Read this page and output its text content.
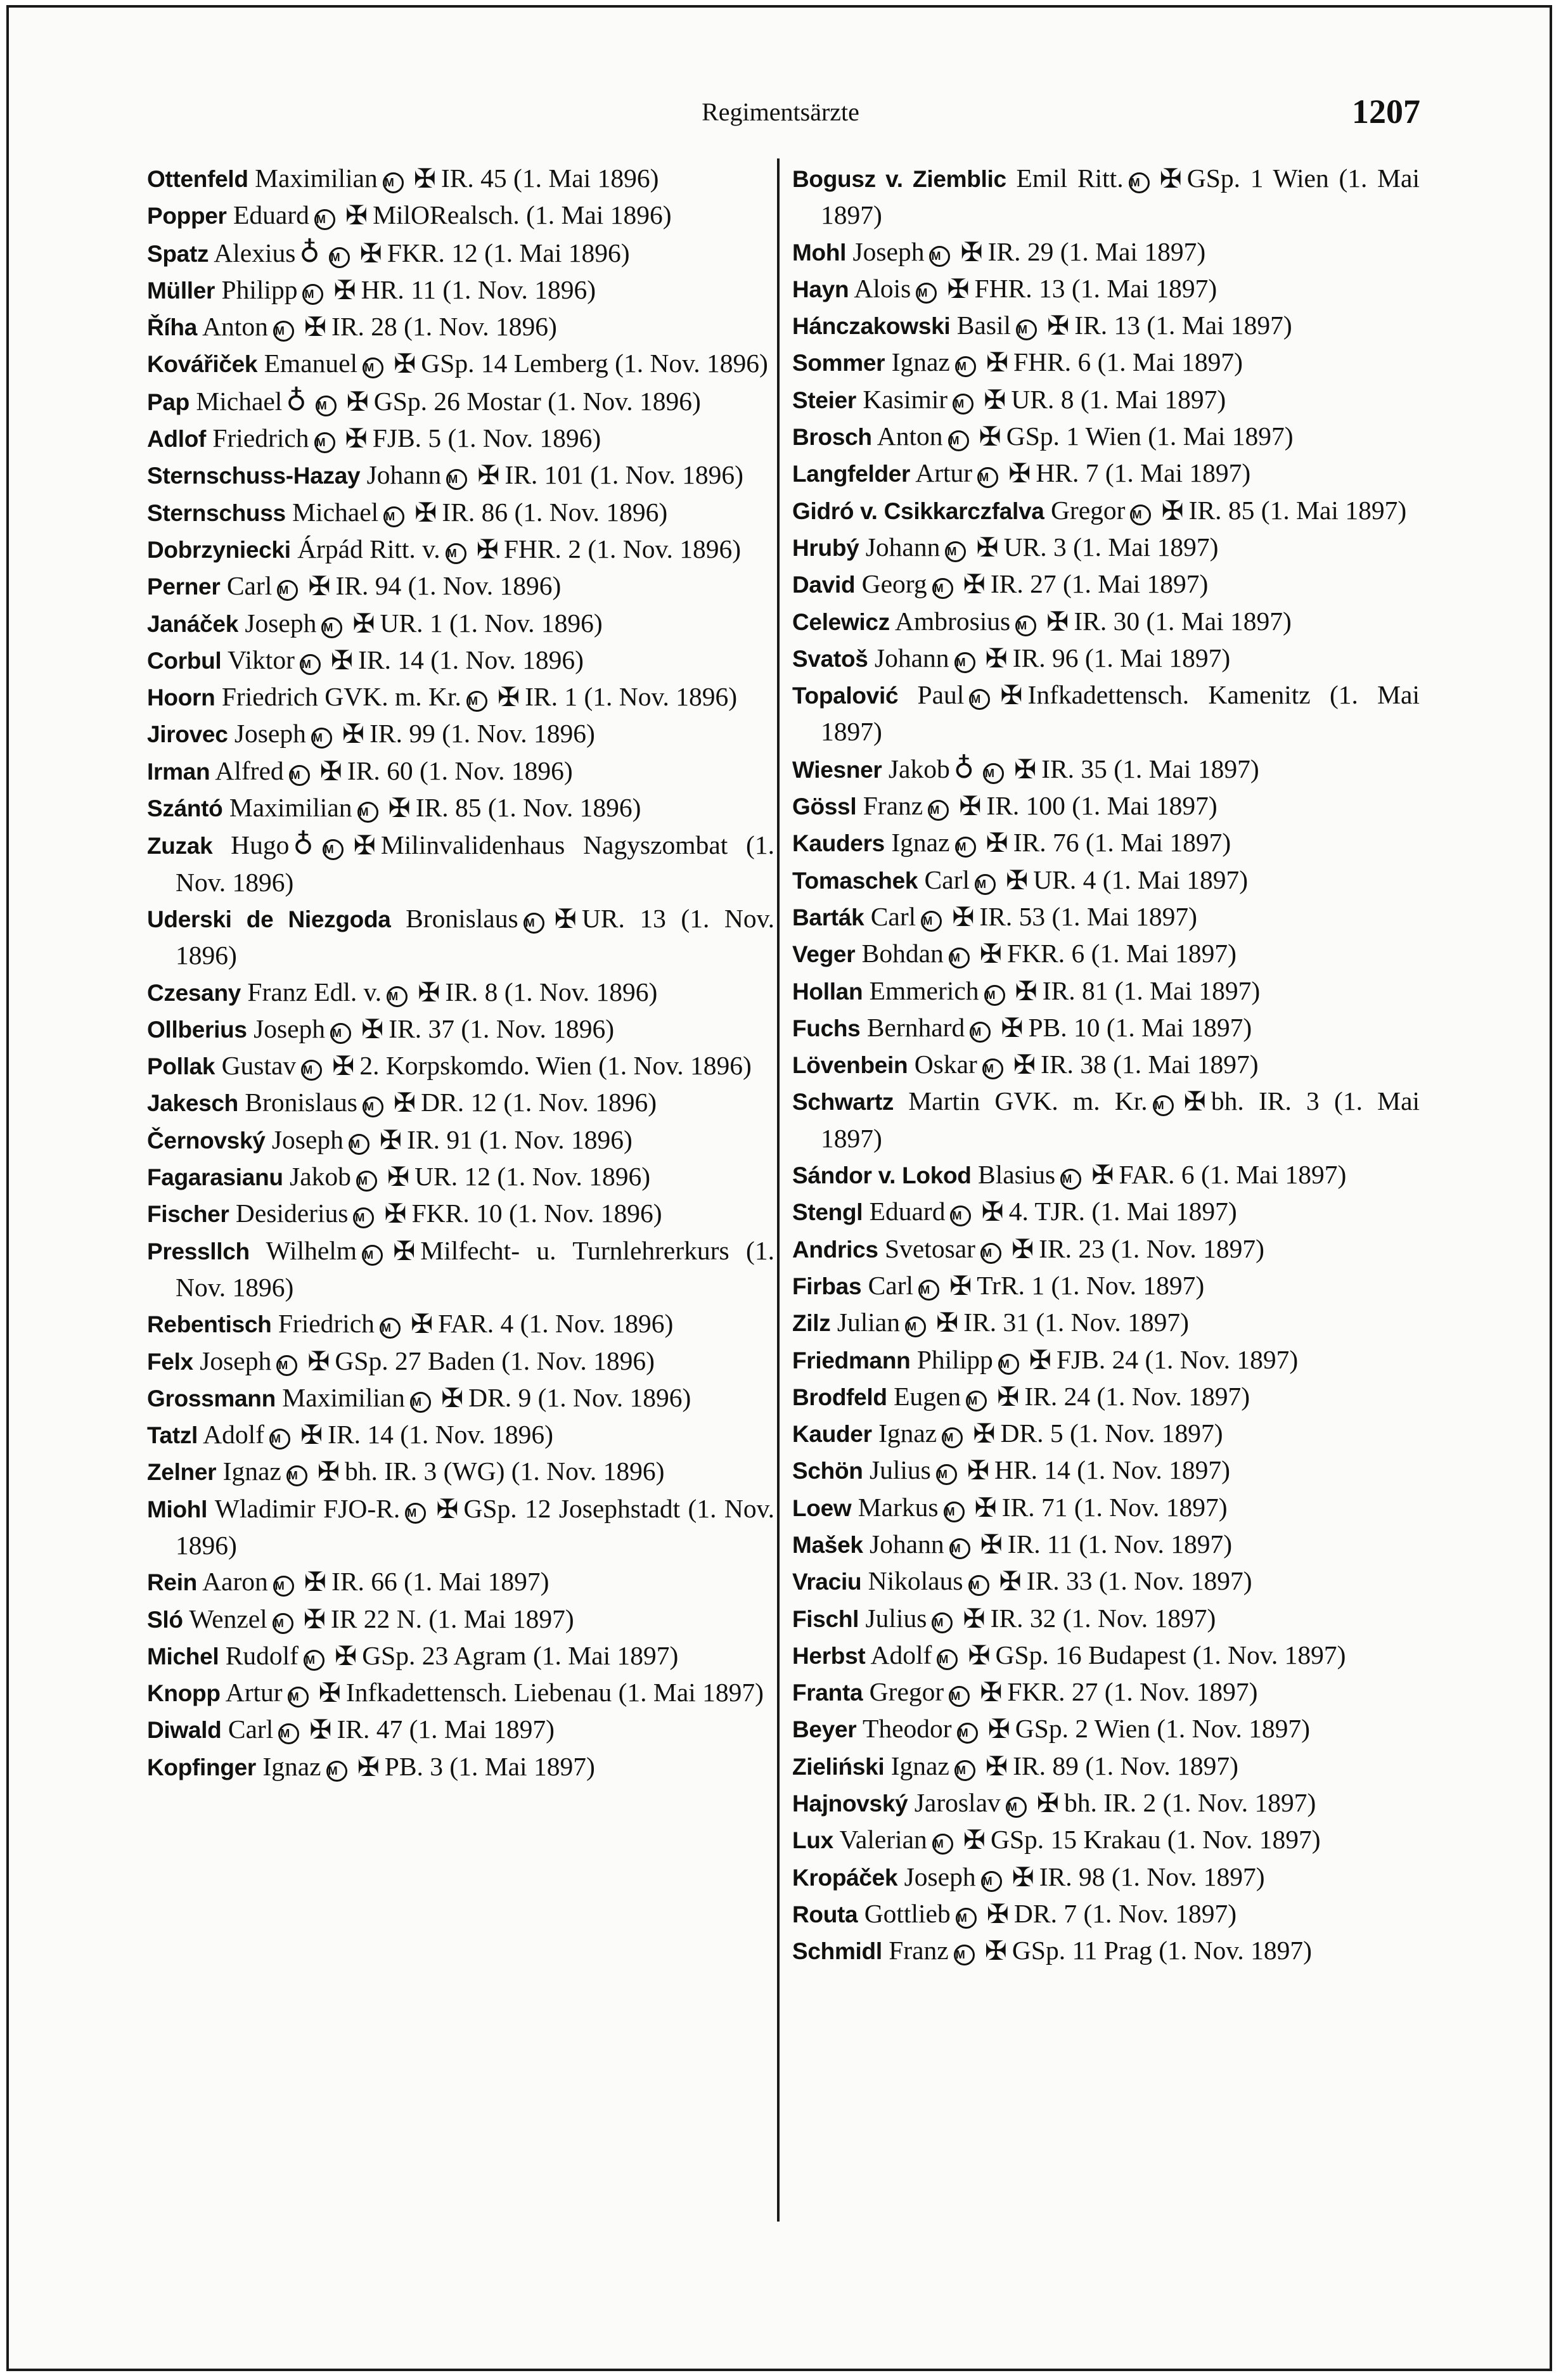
Regimentsärzte	1207
Ottenfeld Maximilian M ✠ IR. 45 (1. Mai 1896)
Popper Eduard M ✠ MilORealsch. (1. Mai 1896)
Spatz Alexius ♁ M ✠ FKR. 12 (1. Mai 1896)
Müller Philipp M ✠ HR. 11 (1. Nov. 1896)
Říha Anton M ✠ IR. 28 (1. Nov. 1896)
Kovářiček Emanuel M ✠ GSp. 14 Lemberg (1. Nov. 1896)
Pap Michael ♁ M ✠ GSp. 26 Mostar (1. Nov. 1896)
Adlof Friedrich M ✠ FJB. 5 (1. Nov. 1896)
Sternschuss-Hazay Johann M ✠ IR. 101 (1. Nov. 1896)
Sternschuss Michael M ✠ IR. 86 (1. Nov. 1896)
Dobrzyniecki Árpád Ritt. v. M ✠ FHR. 2 (1. Nov. 1896)
Perner Carl M ✠ IR. 94 (1. Nov. 1896)
Janáček Joseph M ✠ UR. 1 (1. Nov. 1896)
Corbul Viktor M ✠ IR. 14 (1. Nov. 1896)
Hoorn Friedrich GVK. m. Kr. M ✠ IR. 1 (1. Nov. 1896)
Jirovec Joseph M ✠ IR. 99 (1. Nov. 1896)
Irman Alfred M ✠ IR. 60 (1. Nov. 1896)
Szántó Maximilian M ✠ IR. 85 (1. Nov. 1896)
Zuzak Hugo ♁ M ✠ Milinvalidenhaus Nagyszombat (1. Nov. 1896)
Uderski de Niezgoda Bronislaus M ✠ UR. 13 (1. Nov. 1896)
Czesany Franz Edl. v. M ✠ IR. 8 (1. Nov. 1896)
Ollberius Joseph M ✠ IR. 37 (1. Nov. 1896)
Pollak Gustav M ✠ 2. Korpskomdo. Wien (1. Nov. 1896)
Jakesch Bronislaus M ✠ DR. 12 (1. Nov. 1896)
Černovský Joseph M ✠ IR. 91 (1. Nov. 1896)
Fagarasianu Jakob M ✠ UR. 12 (1. Nov. 1896)
Fischer Desiderius M ✠ FKR. 10 (1. Nov. 1896)
Pressllch Wilhelm M ✠ Milfecht- u. Turnlehrerkurs (1. Nov. 1896)
Rebentisch Friedrich M ✠ FAR. 4 (1. Nov. 1896)
Felx Joseph M ✠ GSp. 27 Baden (1. Nov. 1896)
Grossmann Maximilian M ✠ DR. 9 (1. Nov. 1896)
Tatzl Adolf M ✠ IR. 14 (1. Nov. 1896)
Zelner Ignaz M ✠ bh. IR. 3 (WG) (1. Nov. 1896)
Miohl Wladimir FJO-R. M ✠ GSp. 12 Josephstadt (1. Nov. 1896)
Rein Aaron M ✠ IR. 66 (1. Mai 1897)
Sló Wenzel M ✠ IR 22 N. (1. Mai 1897)
Michel Rudolf M ✠ GSp. 23 Agram (1. Mai 1897)
Knopp Artur M ✠ Infkadettensch. Liebenau (1. Mai 1897)
Diwald Carl M ✠ IR. 47 (1. Mai 1897)
Kopfinger Ignaz M ✠ PB. 3 (1. Mai 1897)
Bogusz v. Ziemblic Emil Ritt. M ✠ GSp. 1 Wien (1. Mai 1897)
Mohl Joseph M ✠ IR. 29 (1. Mai 1897)
Hayn Alois M ✠ FHR. 13 (1. Mai 1897)
Hánczakowski Basil M ✠ IR. 13 (1. Mai 1897)
Sommer Ignaz M ✠ FHR. 6 (1. Mai 1897)
Steier Kasimir M ✠ UR. 8 (1. Mai 1897)
Brosch Anton M ✠ GSp. 1 Wien (1. Mai 1897)
Langfelder Artur M ✠ HR. 7 (1. Mai 1897)
Gidró v. Csikkarczfalva Gregor M ✠ IR. 85 (1. Mai 1897)
Hrubý Johann M ✠ UR. 3 (1. Mai 1897)
David Georg M ✠ IR. 27 (1. Mai 1897)
Celewicz Ambrosius M ✠ IR. 30 (1. Mai 1897)
Svatoš Johann M ✠ IR. 96 (1. Mai 1897)
Topalović Paul M ✠ Infkadettensch. Kamenitz (1. Mai 1897)
Wiesner Jakob ♁ M ✠ IR. 35 (1. Mai 1897)
Gössl Franz M ✠ IR. 100 (1. Mai 1897)
Kauders Ignaz M ✠ IR. 76 (1. Mai 1897)
Tomaschek Carl M ✠ UR. 4 (1. Mai 1897)
Barták Carl M ✠ IR. 53 (1. Mai 1897)
Veger Bohdan M ✠ FKR. 6 (1. Mai 1897)
Hollan Emmerich M ✠ IR. 81 (1. Mai 1897)
Fuchs Bernhard M ✠ PB. 10 (1. Mai 1897)
Lövenbein Oskar M ✠ IR. 38 (1. Mai 1897)
Schwartz Martin GVK. m. Kr. M ✠ bh. IR. 3 (1. Mai 1897)
Sándor v. Lokod Blasius M ✠ FAR. 6 (1. Mai 1897)
Stengl Eduard M ✠ 4. TJR. (1. Mai 1897)
Andrics Svetosar M ✠ IR. 23 (1. Nov. 1897)
Firbas Carl M ✠ TrR. 1 (1. Nov. 1897)
Zilz Julian M ✠ IR. 31 (1. Nov. 1897)
Friedmann Philipp M ✠ FJB. 24 (1. Nov. 1897)
Brodfeld Eugen M ✠ IR. 24 (1. Nov. 1897)
Kauder Ignaz M ✠ DR. 5 (1. Nov. 1897)
Schön Julius M ✠ HR. 14 (1. Nov. 1897)
Loew Markus M ✠ IR. 71 (1. Nov. 1897)
Mašek Johann M ✠ IR. 11 (1. Nov. 1897)
Vraciu Nikolaus M ✠ IR. 33 (1. Nov. 1897)
Fischl Julius M ✠ IR. 32 (1. Nov. 1897)
Herbst Adolf M ✠ GSp. 16 Budapest (1. Nov. 1897)
Franta Gregor M ✠ FKR. 27 (1. Nov. 1897)
Beyer Theodor M ✠ GSp. 2 Wien (1. Nov. 1897)
Zieliński Ignaz M ✠ IR. 89 (1. Nov. 1897)
Hajnovský Jaroslav M ✠ bh. IR. 2 (1. Nov. 1897)
Lux Valerian M ✠ GSp. 15 Krakau (1. Nov. 1897)
Kropáček Joseph M ✠ IR. 98 (1. Nov. 1897)
Routa Gottlieb M ✠ DR. 7 (1. Nov. 1897)
Schmidl Franz M ✠ GSp. 11 Prag (1. Nov. 1897)
